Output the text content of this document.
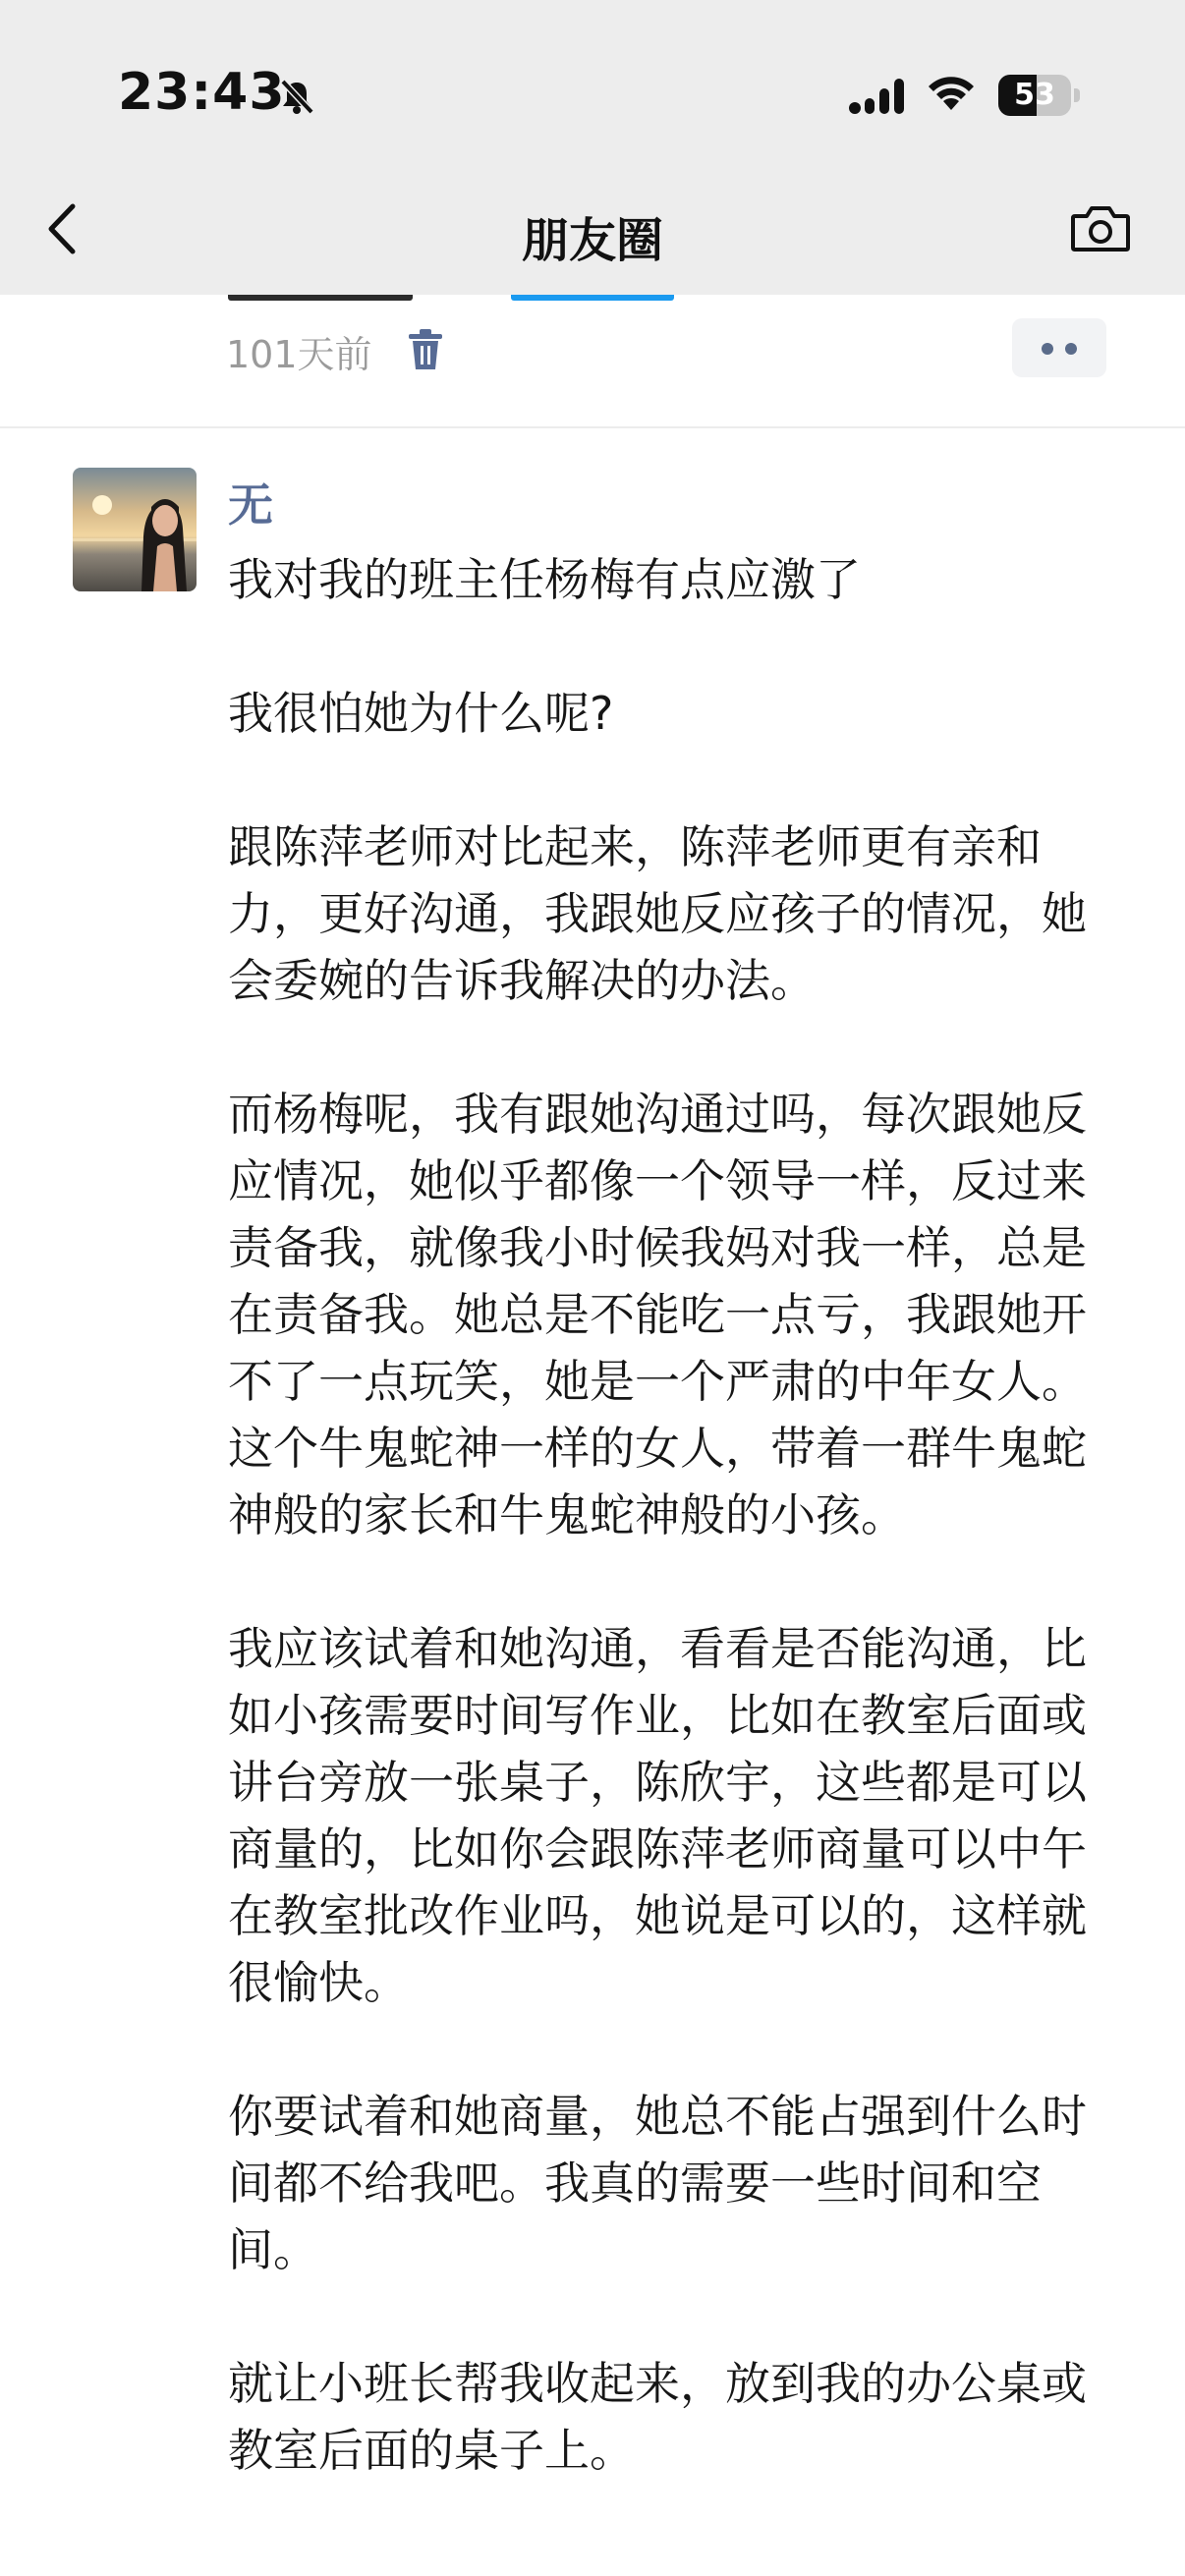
23:43	53
朋友圈
101天前
无

我对我的班主任杨梅有点应激了

我很怕她为什么呢?

跟陈萍老师对比起来，陈萍老师更有亲和力，更好沟通，我跟她反应孩子的情况，她会委婉的告诉我解决的办法。

而杨梅呢，我有跟她沟通过吗，每次跟她反应情况，她似乎都像一个领导一样，反过来责备我，就像我小时候我妈对我一样，总是在责备我。她总是不能吃一点亏，我跟她开不了一点玩笑，她是一个严肃的中年女人。这个牛鬼蛇神一样的女人，带着一群牛鬼蛇神般的家长和牛鬼蛇神般的小孩。

我应该试着和她沟通，看看是否能沟通，比如小孩需要时间写作业，比如在教室后面或讲台旁放一张桌子，陈欣宇，这些都是可以商量的，比如你会跟陈萍老师商量可以中午在教室批改作业吗，她说是可以的，这样就很愉快。

你要试着和她商量，她总不能占强到什么时间都不给我吧。我真的需要一些时间和空间。

就让小班长帮我收起来，放到我的办公桌或教室后面的桌子上。
